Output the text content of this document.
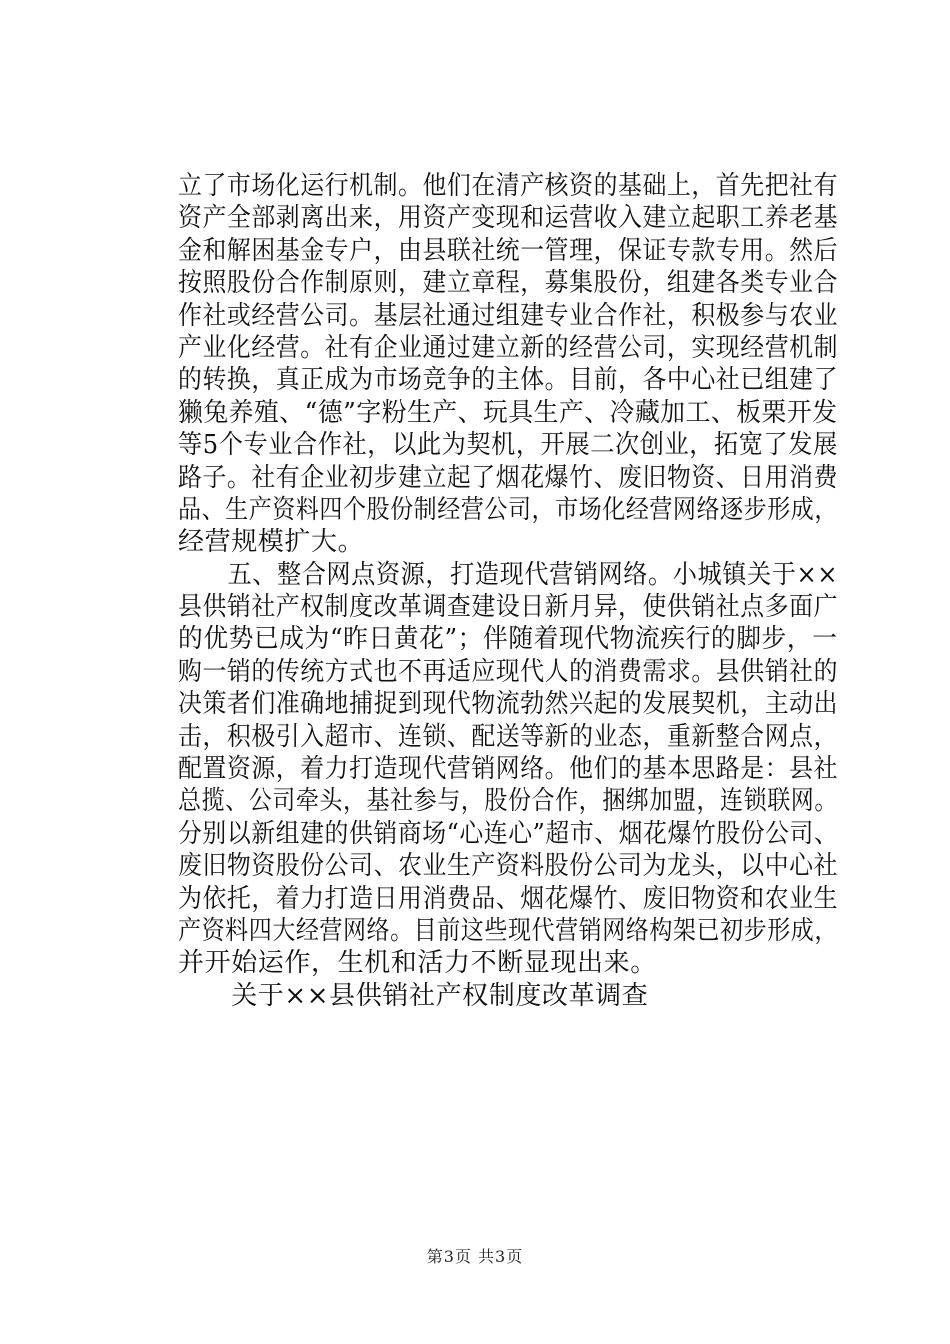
立了市场化运行机制。他们在清产核资的基础上，首先把社有
资产全部剥离出来，用资产变现和运营收入建立起职工养老基
金和解困基金专户，由县联社统一管理，保证专款专用。然后
按照股份合作制原则，建立章程，募集股份，组建各类专业合
作社或经营公司。基层社通过组建专业合作社，积极参与农业
产业化经营。社有企业通过建立新的经营公司，实现经营机制
的转换，真正成为市场竞争的主体。目前，各中心社已组建了
獭兔养殖、“德”字粉生产、玩具生产、冷藏加工、板栗开发
等5个专业合作社，以此为契机，开展二次创业，拓宽了发展
路子。社有企业初步建立起了烟花爆竹、废旧物资、日用消费
品、生产资料四个股份制经营公司，市场化经营网络逐步形成，
经营规模扩大。
　　五、整合网点资源，打造现代营销网络。小城镇关于××
县供销社产权制度改革调查建设日新月异，使供销社点多面广
的优势已成为“昨日黄花”；伴随着现代物流疾行的脚步，一
购一销的传统方式也不再适应现代人的消费需求。县供销社的
决策者们准确地捕捉到现代物流勃然兴起的发展契机，主动出
击，积极引入超市、连锁、配送等新的业态，重新整合网点，
配置资源，着力打造现代营销网络。他们的基本思路是：县社
总揽、公司牵头，基社参与，股份合作，捆绑加盟，连锁联网。
分别以新组建的供销商场“心连心”超市、烟花爆竹股份公司、
废旧物资股份公司、农业生产资料股份公司为龙头，以中心社
为依托，着力打造日用消费品、烟花爆竹、废旧物资和农业生
产资料四大经营网络。目前这些现代营销网络构架已初步形成，
并开始运作，生机和活力不断显现出来。
　　关于××县供销社产权制度改革调查
第3页 共3页
